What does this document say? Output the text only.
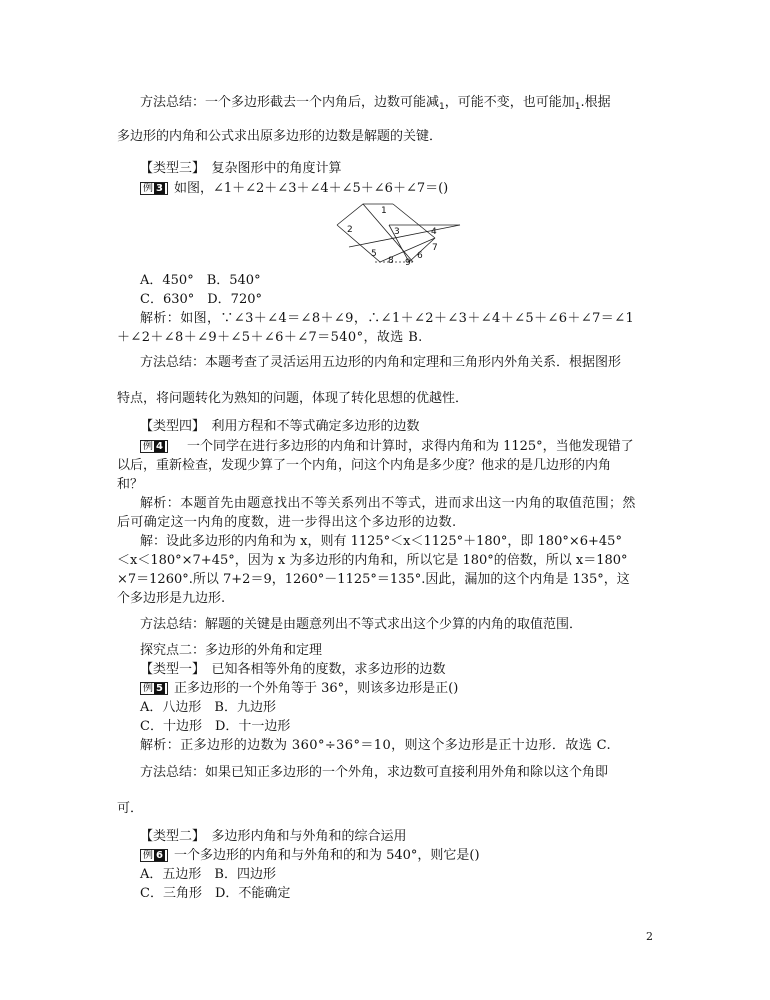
方法总结：一个多边形截去一个内角后，边数可能减$_1$，可能不变，也可能加$_1$.根据
多边形的内角和公式求出原多边形的边数是解题的关键．
【类型三】　复杂图形中的角度计算
例 3 如图，∠1＋∠2＋∠3＋∠4＋∠5＋∠6＋∠7＝()
1
2	3	4
5	6
7
8 9
A．450°　B．540°
C．630°　D．720°
解析：如图，∵∠3＋∠4＝∠8＋∠9，∴∠1＋∠2＋∠3＋∠4＋∠5＋∠6＋∠7＝∠1
＋∠2＋∠8＋∠9＋∠5＋∠6＋∠7＝540°，故选 B.
方法总结：本题考查了灵活运用五边形的内角和定理和三角形内外角关系．根据图形
特点，将问题转化为熟知的问题，体现了转化思想的优越性．
【类型四】　利用方程和不等式确定多边形的边数
例 4　一个同学在进行多边形的内角和计算时，求得内角和为 1125°，当他发现错了
以后，重新检查，发现少算了一个内角，问这个内角是多少度？他求的是几边形的内角
和？
解析：本题首先由题意找出不等关系列出不等式，进而求出这一内角的取值范围；然
后可确定这一内角的度数，进一步得出这个多边形的边数.
解：设此多边形的内角和为 x，则有 1125°＜x＜1125°＋180°，即 180°×6+45°
＜x＜180°×7+45°，因为 x 为多边形的内角和，所以它是 180°的倍数，所以 x＝180°
×7＝1260°.所以 7+2＝9，1260°－1125°＝135°.因此，漏加的这个内角是 135°，这
个多边形是九边形.
方法总结：解题的关键是由题意列出不等式求出这个少算的内角的取值范围．
探究点二：多边形的外角和定理
【类型一】　已知各相等外角的度数，求多边形的边数
例 5 正多边形的一个外角等于 36°，则该多边形是正()
A．八边形　B．九边形
C．十边形　D．十一边形
解析：正多边形的边数为 360°÷36°＝10，则这个多边形是正十边形．故选 C.
方法总结：如果已知正多边形的一个外角，求边数可直接利用外角和除以这个角即
可．
【类型二】　多边形内角和与外角和的综合运用
例 6 一个多边形的内角和与外角和的和为 540°，则它是()
A．五边形　B．四边形
C．三角形　D．不能确定
2
